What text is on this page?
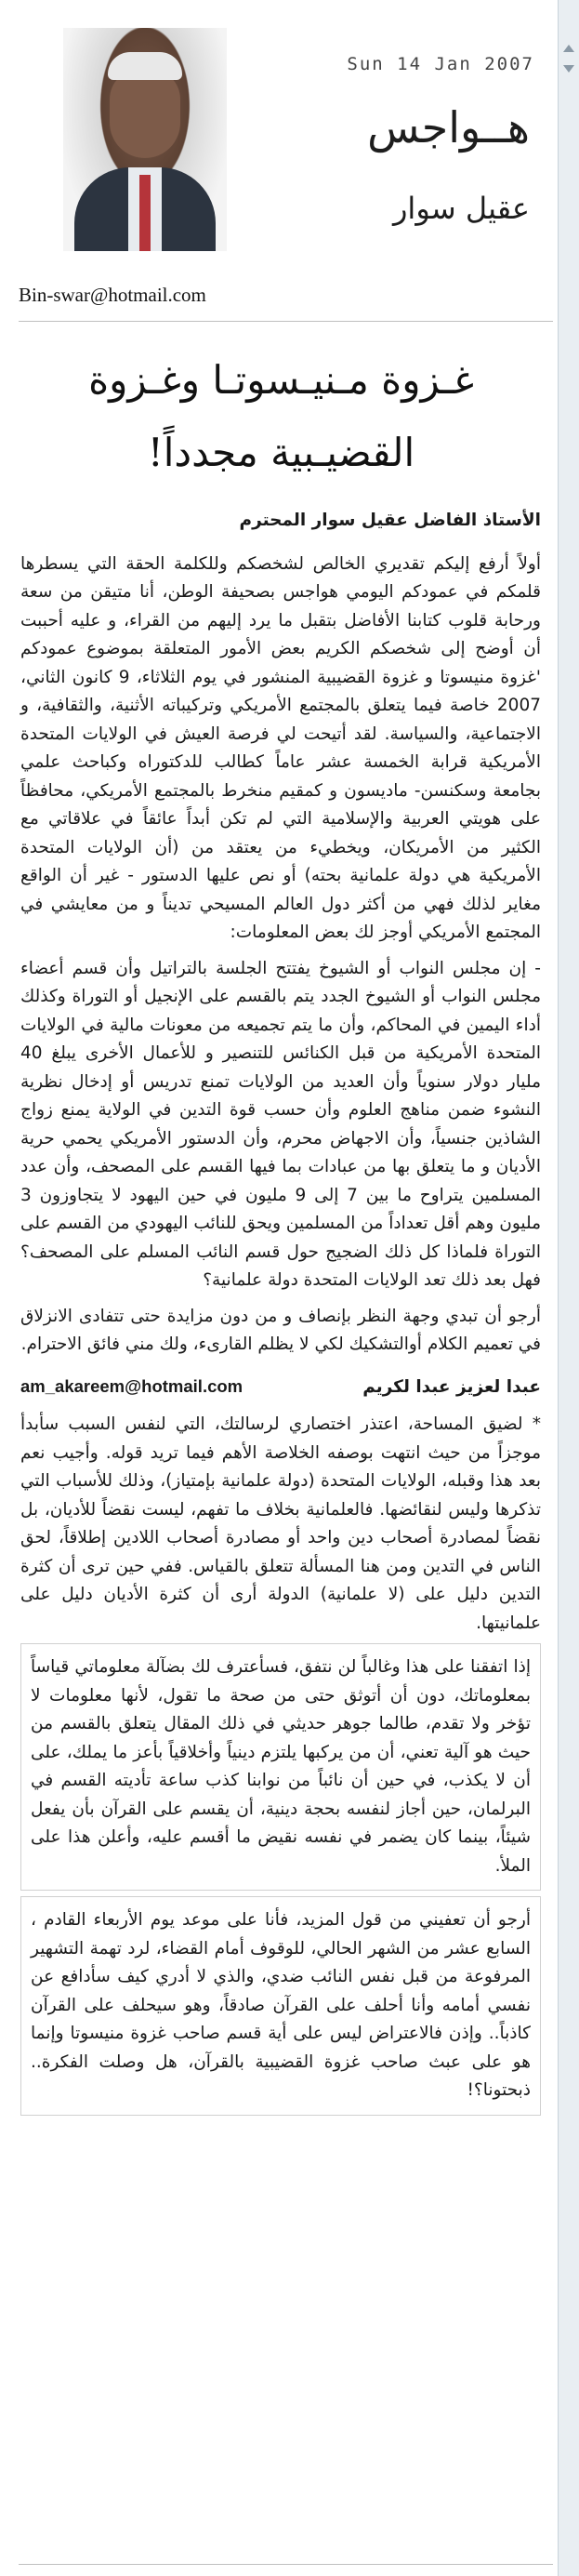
Sun 14 Jan 2007
هــواجس
عقيل سوار
Bin-swar@hotmail.com
غـزوة مـنيـسوتـا وغـزوة
القضيـبية مجدداً!

الأستاذ الفاضل عقيل سوار المحترم

أولاً أرفع إليكم تقديري الخالص لشخصكم وللكلمة الحقة التي يسطرها قلمكم في عمودكم اليومي هواجس بصحيفة الوطن، أنا متيقن من سعة ورحابة قلوب كتابنا الأفاضل بتقبل ما يرد إليهم من القراء، و عليه أحببت أن أوضح إلى شخصكم الكريم بعض الأمور المتعلقة بموضوع عمودكم 'غزوة منيسوتا و غزوة القضيبية المنشور في يوم الثلاثاء، 9 كانون الثاني، 2007 خاصة فيما يتعلق بالمجتمع الأمريكي وتركيباته الأثنية، والثقافية، و الاجتماعية، والسياسة. لقد أتيحت لي فرصة العيش في الولايات المتحدة الأمريكية قرابة الخمسة عشر عاماً كطالب للدكتوراه وكباحث علمي بجامعة وسكنسن- ماديسون و كمقيم منخرط بالمجتمع الأمريكي، محافظاً على هويتي العربية والإسلامية التي لم تكن أبداً عائقاً في علاقاتي مع الكثير من الأمريكان، ويخطيء من يعتقد من (أن الولايات المتحدة الأمريكية هي دولة علمانية بحته) أو نص عليها الدستور - غير أن الواقع مغاير لذلك فهي من أكثر دول العالم المسيحي تديناً و من معايشي في المجتمع الأمريكي أوجز لك بعض المعلومات:

- إن مجلس النواب أو الشيوخ يفتتح الجلسة بالتراتيل وأن قسم أعضاء مجلس النواب أو الشيوخ الجدد يتم بالقسم على الإنجيل أو التوراة وكذلك أداء اليمين في المحاكم، وأن ما يتم تجميعه من معونات مالية في الولايات المتحدة الأمريكية من قبل الكنائس للتنصير و للأعمال الأخرى يبلغ 40 مليار دولار سنوياً وأن العديد من الولايات تمنع تدريس أو إدخال نظرية النشوء ضمن مناهج العلوم وأن حسب قوة التدين في الولاية يمنع زواج الشاذين جنسياً، وأن الاجهاض محرم، وأن الدستور الأمريكي يحمي حرية الأديان و ما يتعلق بها من عبادات بما فيها القسم على المصحف، وأن عدد المسلمين يتراوح ما بين 7 إلى 9 مليون في حين اليهود لا يتجاوزون 3 مليون وهم أقل تعداداً من المسلمين ويحق للنائب اليهودي من القسم على التوراة فلماذا كل ذلك الضجيج حول قسم النائب المسلم على المصحف؟ فهل بعد ذلك تعد الولايات المتحدة دولة علمانية؟

أرجو أن تبدي وجهة النظر بإنصاف و من دون مزايدة حتى تتفادى الانزلاق في تعميم الكلام أوالتشكيك لكي لا يظلم القارىء، ولك مني فائق الاحترام.

عبدا لعزيز عبدا لكريم
am_akareem@hotmail.com

* لضيق المساحة، اعتذر اختصاري لرسالتك، التي لنفس السبب سأبدأ موجزاً من حيث انتهت بوصفه الخلاصة الأهم فيما تريد قوله. وأجيب نعم بعد هذا وقبله، الولايات المتحدة (دولة علمانية بإمتياز)، وذلك للأسباب التي تذكرها وليس لنقائضها. فالعلمانية بخلاف ما تفهم، ليست نقضاً للأديان، بل نقضاً لمصادرة أصحاب دين واحد أو مصادرة أصحاب اللادين إطلاقاً، لحق الناس في التدين ومن هنا المسألة تتعلق بالقياس. ففي حين ترى أن كثرة التدين دليل على (لا علمانية) الدولة أرى أن كثرة الأديان دليل على علمانيتها.

إذا اتفقنا على هذا وغالباً لن نتفق، فسأعترف لك بضآلة معلوماتي قياساً بمعلوماتك، دون أن أتوثق حتى من صحة ما تقول، لأنها معلومات لا تؤخر ولا تقدم، طالما جوهر حديثي في ذلك المقال يتعلق بالقسم من حيث هو آلية تعني، أن من يركبها يلتزم دينياً وأخلاقياً بأعز ما يملك، على أن لا يكذب، في حين أن نائباً من نوابنا كذب ساعة تأديته القسم في البرلمان، حين أجاز لنفسه بحجة دينية، أن يقسم على القرآن بأن يفعل شيئاً، بينما كان يضمر في نفسه نقيض ما أقسم عليه، وأعلن هذا على الملأ.

أرجو أن تعفيني من قول المزيد، فأنا على موعد يوم الأربعاء القادم ، السابع عشر من الشهر الحالي، للوقوف أمام القضاء، لرد تهمة التشهير المرفوعة من قبل نفس النائب ضدي، والذي لا أدري كيف سأدافع عن نفسي أمامه وأنا أحلف على القرآن صادقاً، وهو سيحلف على القرآن كاذباً.. وإذن فالاعتراض ليس على أية قسم صاحب غزوة منيسوتا وإنما هو على عبث صاحب غزوة القضيبية بالقرآن، هل وصلت الفكرة.. ذبحتونا؟!
